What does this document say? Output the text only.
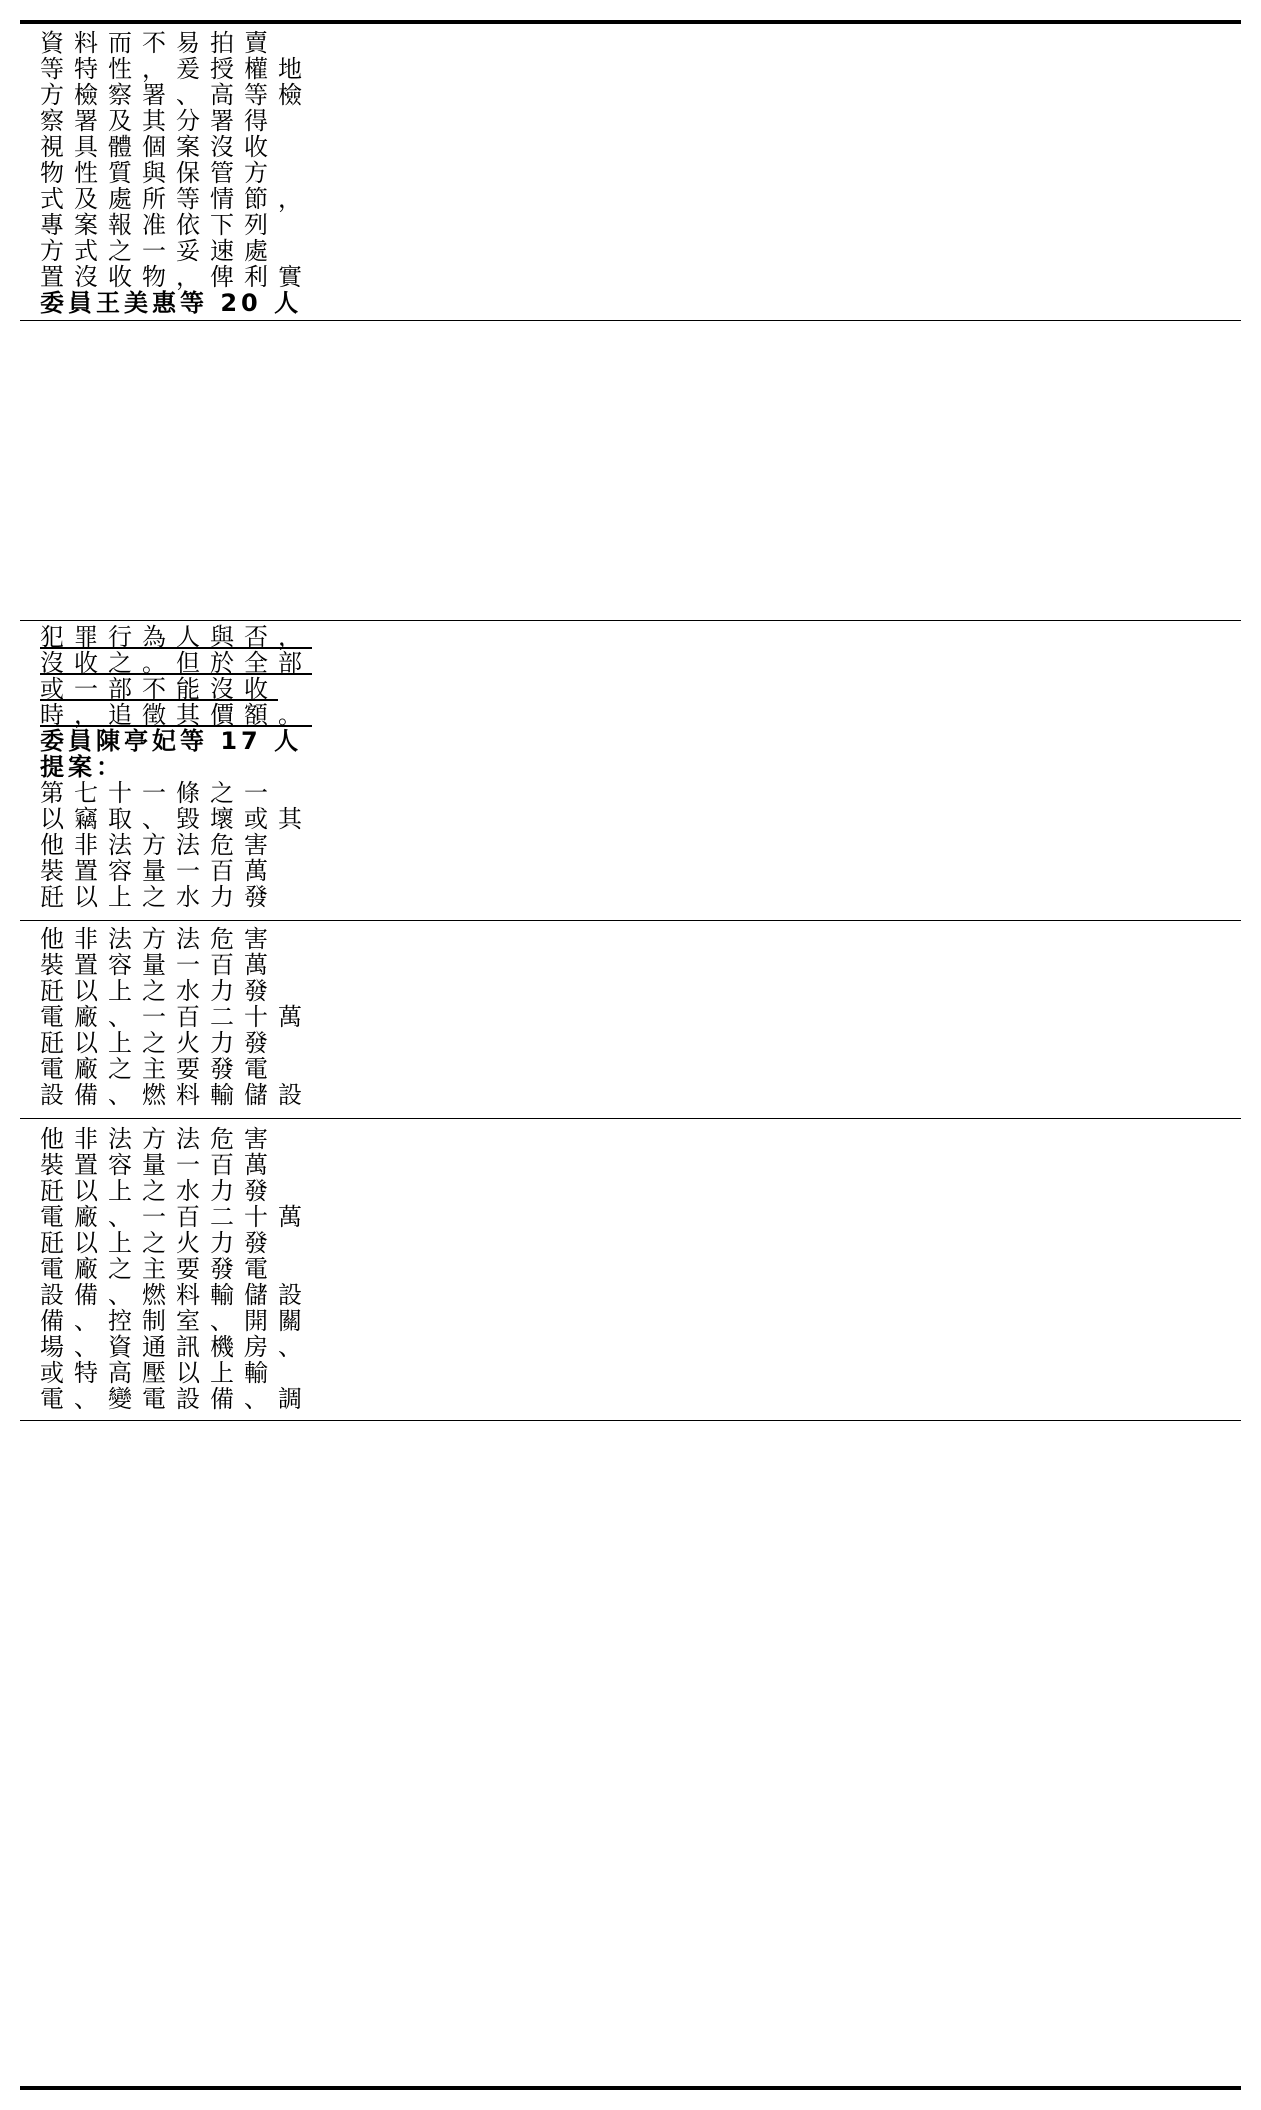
資料而不易拍賣
等特性，爰授權地
方檢察署、高等檢
察署及其分署得
視具體個案沒收
物性質與保管方
式及處所等情節，
專案報准依下列
方式之一妥速處
置沒收物，俾利實
委員王美惠等 20 人
犯罪行為人與否，
沒收之。但於全部
或一部不能沒收
時，追徵其價額。
委員陳亭妃等 17 人
提案：
第七十一條之一
以竊取、毀壞或其
他非法方法危害
裝置容量一百萬
瓩以上之水力發
他非法方法危害
裝置容量一百萬
瓩以上之水力發
電廠、一百二十萬
瓩以上之火力發
電廠之主要發電
設備、燃料輸儲設
他非法方法危害
裝置容量一百萬
瓩以上之水力發
電廠、一百二十萬
瓩以上之火力發
電廠之主要發電
設備、燃料輸儲設
備、控制室、開關
場、資通訊機房、
或特高壓以上輸
電、變電設備、調
